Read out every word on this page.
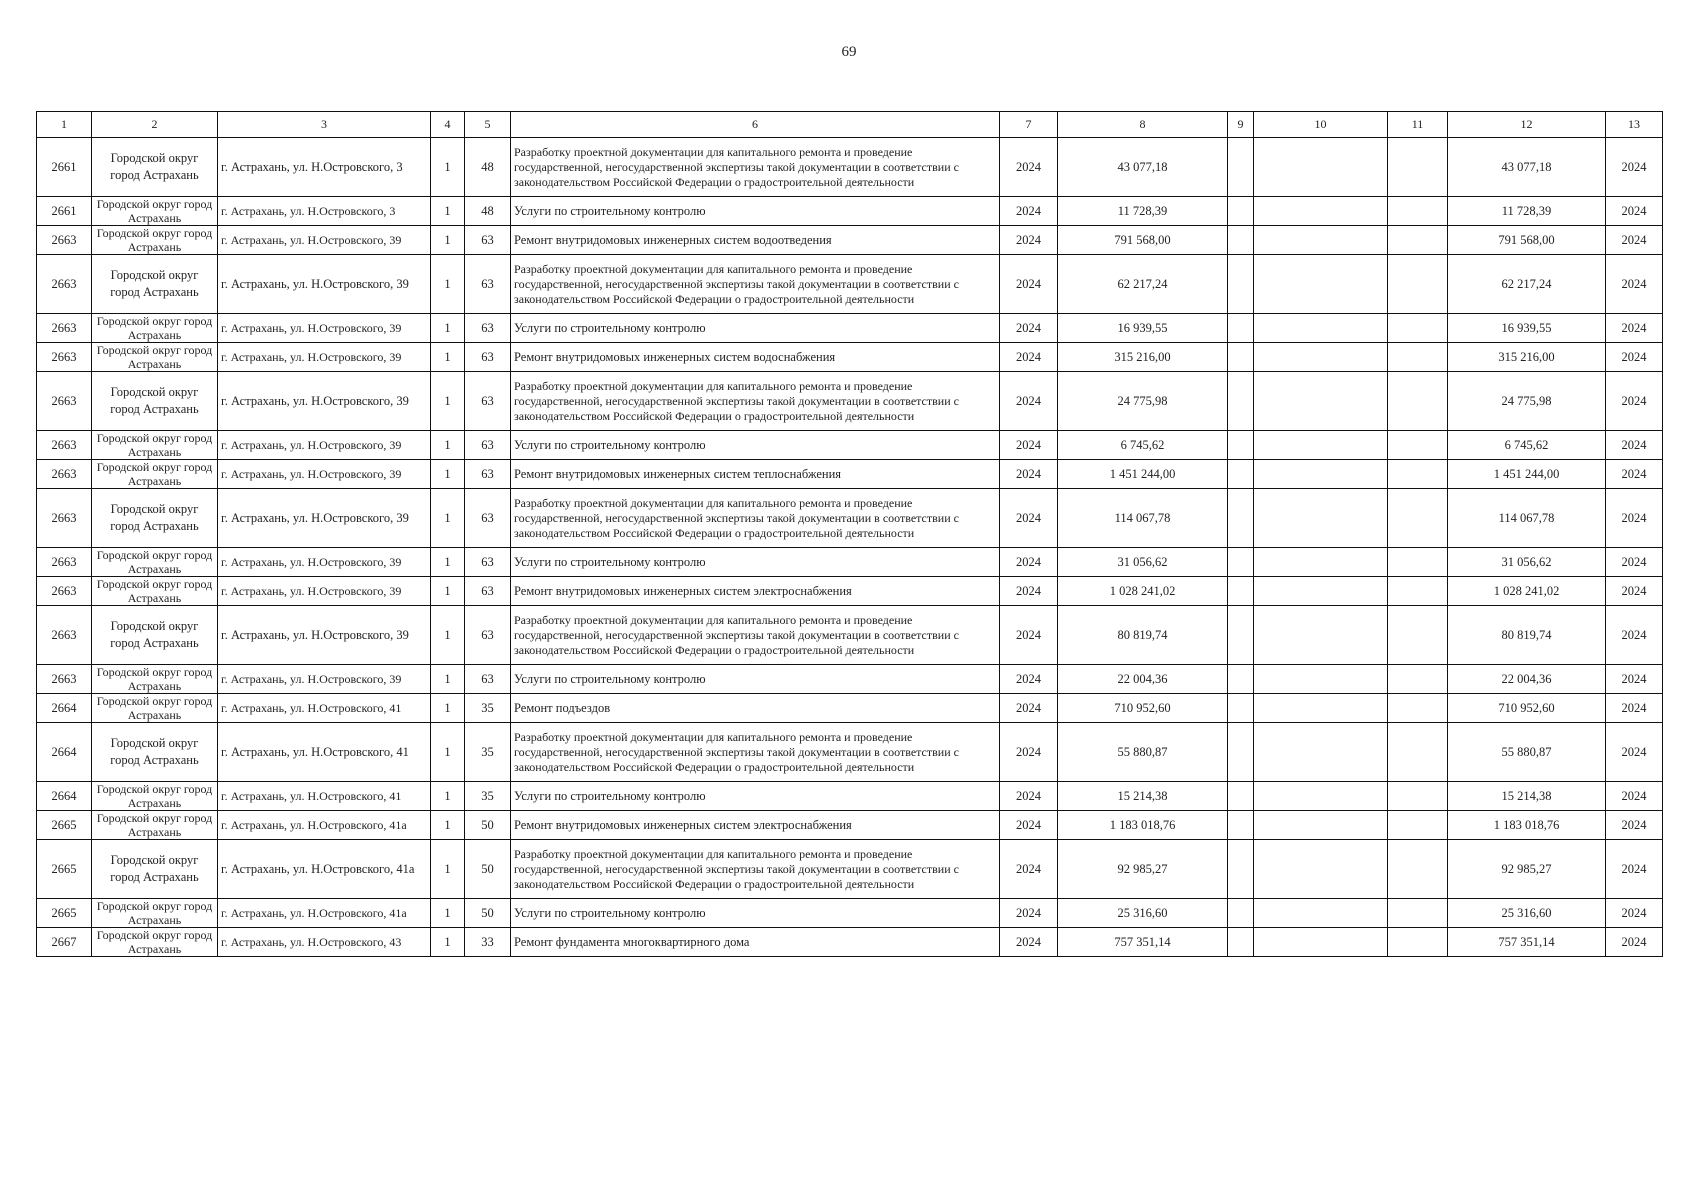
69
1	2	3	4	5	6	7	8	9	10	11	12	13
2661	Городской округ город Астрахань	г. Астрахань, ул. Н.Островского, 3	1	48	Разработку проектной документации для капитального ремонта и проведение государственной, негосударственной экспертизы такой документации в соответствии с законодательством Российской Федерации о градостроительной деятельности	2024	43 077,18				43 077,18	2024
2661	Городской округ город Астрахань	г. Астрахань, ул. Н.Островского, 3	1	48	Услуги по строительному контролю	2024	11 728,39				11 728,39	2024
2663	Городской округ город Астрахань	г. Астрахань, ул. Н.Островского, 39	1	63	Ремонт внутридомовых инженерных систем водоотведения	2024	791 568,00				791 568,00	2024
2663	Городской округ город Астрахань	г. Астрахань, ул. Н.Островского, 39	1	63	Разработку проектной документации для капитального ремонта и проведение государственной, негосударственной экспертизы такой документации в соответствии с законодательством Российской Федерации о градостроительной деятельности	2024	62 217,24				62 217,24	2024
2663	Городской округ город Астрахань	г. Астрахань, ул. Н.Островского, 39	1	63	Услуги по строительному контролю	2024	16 939,55				16 939,55	2024
2663	Городской округ город Астрахань	г. Астрахань, ул. Н.Островского, 39	1	63	Ремонт внутридомовых инженерных систем водоснабжения	2024	315 216,00				315 216,00	2024
2663	Городской округ город Астрахань	г. Астрахань, ул. Н.Островского, 39	1	63	Разработку проектной документации для капитального ремонта и проведение государственной, негосударственной экспертизы такой документации в соответствии с законодательством Российской Федерации о градостроительной деятельности	2024	24 775,98				24 775,98	2024
2663	Городской округ город Астрахань	г. Астрахань, ул. Н.Островского, 39	1	63	Услуги по строительному контролю	2024	6 745,62				6 745,62	2024
2663	Городской округ город Астрахань	г. Астрахань, ул. Н.Островского, 39	1	63	Ремонт внутридомовых инженерных систем теплоснабжения	2024	1 451 244,00				1 451 244,00	2024
2663	Городской округ город Астрахань	г. Астрахань, ул. Н.Островского, 39	1	63	Разработку проектной документации для капитального ремонта и проведение государственной, негосударственной экспертизы такой документации в соответствии с законодательством Российской Федерации о градостроительной деятельности	2024	114 067,78				114 067,78	2024
2663	Городской округ город Астрахань	г. Астрахань, ул. Н.Островского, 39	1	63	Услуги по строительному контролю	2024	31 056,62				31 056,62	2024
2663	Городской округ город Астрахань	г. Астрахань, ул. Н.Островского, 39	1	63	Ремонт внутридомовых инженерных систем электроснабжения	2024	1 028 241,02				1 028 241,02	2024
2663	Городской округ город Астрахань	г. Астрахань, ул. Н.Островского, 39	1	63	Разработку проектной документации для капитального ремонта и проведение государственной, негосударственной экспертизы такой документации в соответствии с законодательством Российской Федерации о градостроительной деятельности	2024	80 819,74				80 819,74	2024
2663	Городской округ город Астрахань	г. Астрахань, ул. Н.Островского, 39	1	63	Услуги по строительному контролю	2024	22 004,36				22 004,36	2024
2664	Городской округ город Астрахань	г. Астрахань, ул. Н.Островского, 41	1	35	Ремонт подъездов	2024	710 952,60				710 952,60	2024
2664	Городской округ город Астрахань	г. Астрахань, ул. Н.Островского, 41	1	35	Разработку проектной документации для капитального ремонта и проведение государственной, негосударственной экспертизы такой документации в соответствии с законодательством Российской Федерации о градостроительной деятельности	2024	55 880,87				55 880,87	2024
2664	Городской округ город Астрахань	г. Астрахань, ул. Н.Островского, 41	1	35	Услуги по строительному контролю	2024	15 214,38				15 214,38	2024
2665	Городской округ город Астрахань	г. Астрахань, ул. Н.Островского, 41а	1	50	Ремонт внутридомовых инженерных систем электроснабжения	2024	1 183 018,76				1 183 018,76	2024
2665	Городской округ город Астрахань	г. Астрахань, ул. Н.Островского, 41а	1	50	Разработку проектной документации для капитального ремонта и проведение государственной, негосударственной экспертизы такой документации в соответствии с законодательством Российской Федерации о градостроительной деятельности	2024	92 985,27				92 985,27	2024
2665	Городской округ город Астрахань	г. Астрахань, ул. Н.Островского, 41а	1	50	Услуги по строительному контролю	2024	25 316,60				25 316,60	2024
2667	Городской округ город Астрахань	г. Астрахань, ул. Н.Островского, 43	1	33	Ремонт фундамента многоквартирного дома	2024	757 351,14				757 351,14	2024
